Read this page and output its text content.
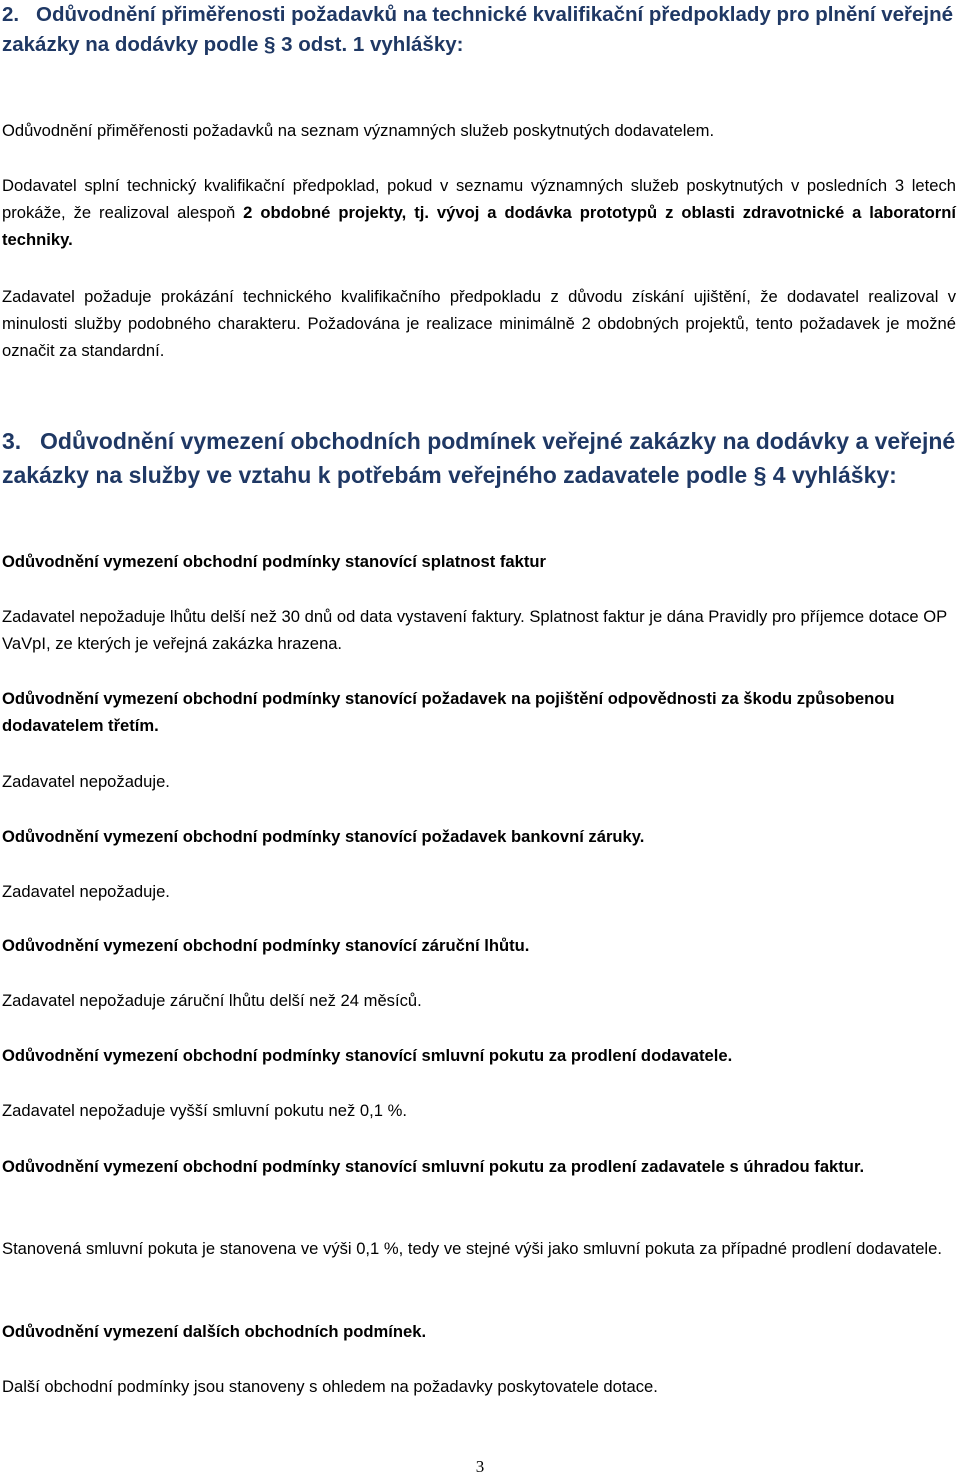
2. Odůvodnění přiměřenosti požadavků na technické kvalifikační předpoklady pro plnění veřejné zakázky na dodávky podle § 3 odst. 1 vyhlášky:

Odůvodnění přiměřenosti požadavků na seznam významných služeb poskytnutých dodavatelem.

Dodavatel splní technický kvalifikační předpoklad, pokud v seznamu významných služeb poskytnutých v posledních 3 letech prokáže, že realizoval alespoň 2 obdobné projekty, tj. vývoj a dodávka prototypů z oblasti zdravotnické a laboratorní techniky.

Zadavatel požaduje prokázání technického kvalifikačního předpokladu z důvodu získání ujištění, že dodavatel realizoval v minulosti služby podobného charakteru. Požadována je realizace minimálně 2 obdobných projektů, tento požadavek je možné označit za standardní.

3. Odůvodnění vymezení obchodních podmínek veřejné zakázky na dodávky a veřejné zakázky na služby ve vztahu k potřebám veřejného zadavatele podle § 4 vyhlášky:

Odůvodnění vymezení obchodní podmínky stanovící splatnost faktur

Zadavatel nepožaduje lhůtu delší než 30 dnů od data vystavení faktury. Splatnost faktur je dána Pravidly pro příjemce dotace OP VaVpI, ze kterých je veřejná zakázka hrazena.

Odůvodnění vymezení obchodní podmínky stanovící požadavek na pojištění odpovědnosti za škodu způsobenou dodavatelem třetím.

Zadavatel nepožaduje.

Odůvodnění vymezení obchodní podmínky stanovící požadavek bankovní záruky.

Zadavatel nepožaduje.

Odůvodnění vymezení obchodní podmínky stanovící záruční lhůtu.

Zadavatel nepožaduje záruční lhůtu delší než 24 měsíců.

Odůvodnění vymezení obchodní podmínky stanovící smluvní pokutu za prodlení dodavatele.

Zadavatel nepožaduje vyšší smluvní pokutu než 0,1 %.

Odůvodnění vymezení obchodní podmínky stanovící smluvní pokutu za prodlení zadavatele s úhradou faktur.

Stanovená smluvní pokuta je stanovena ve výši 0,1 %, tedy ve stejné výši jako smluvní pokuta za případné prodlení dodavatele.

Odůvodnění vymezení dalších obchodních podmínek.

Další obchodní podmínky jsou stanoveny s ohledem na požadavky poskytovatele dotace.

3
